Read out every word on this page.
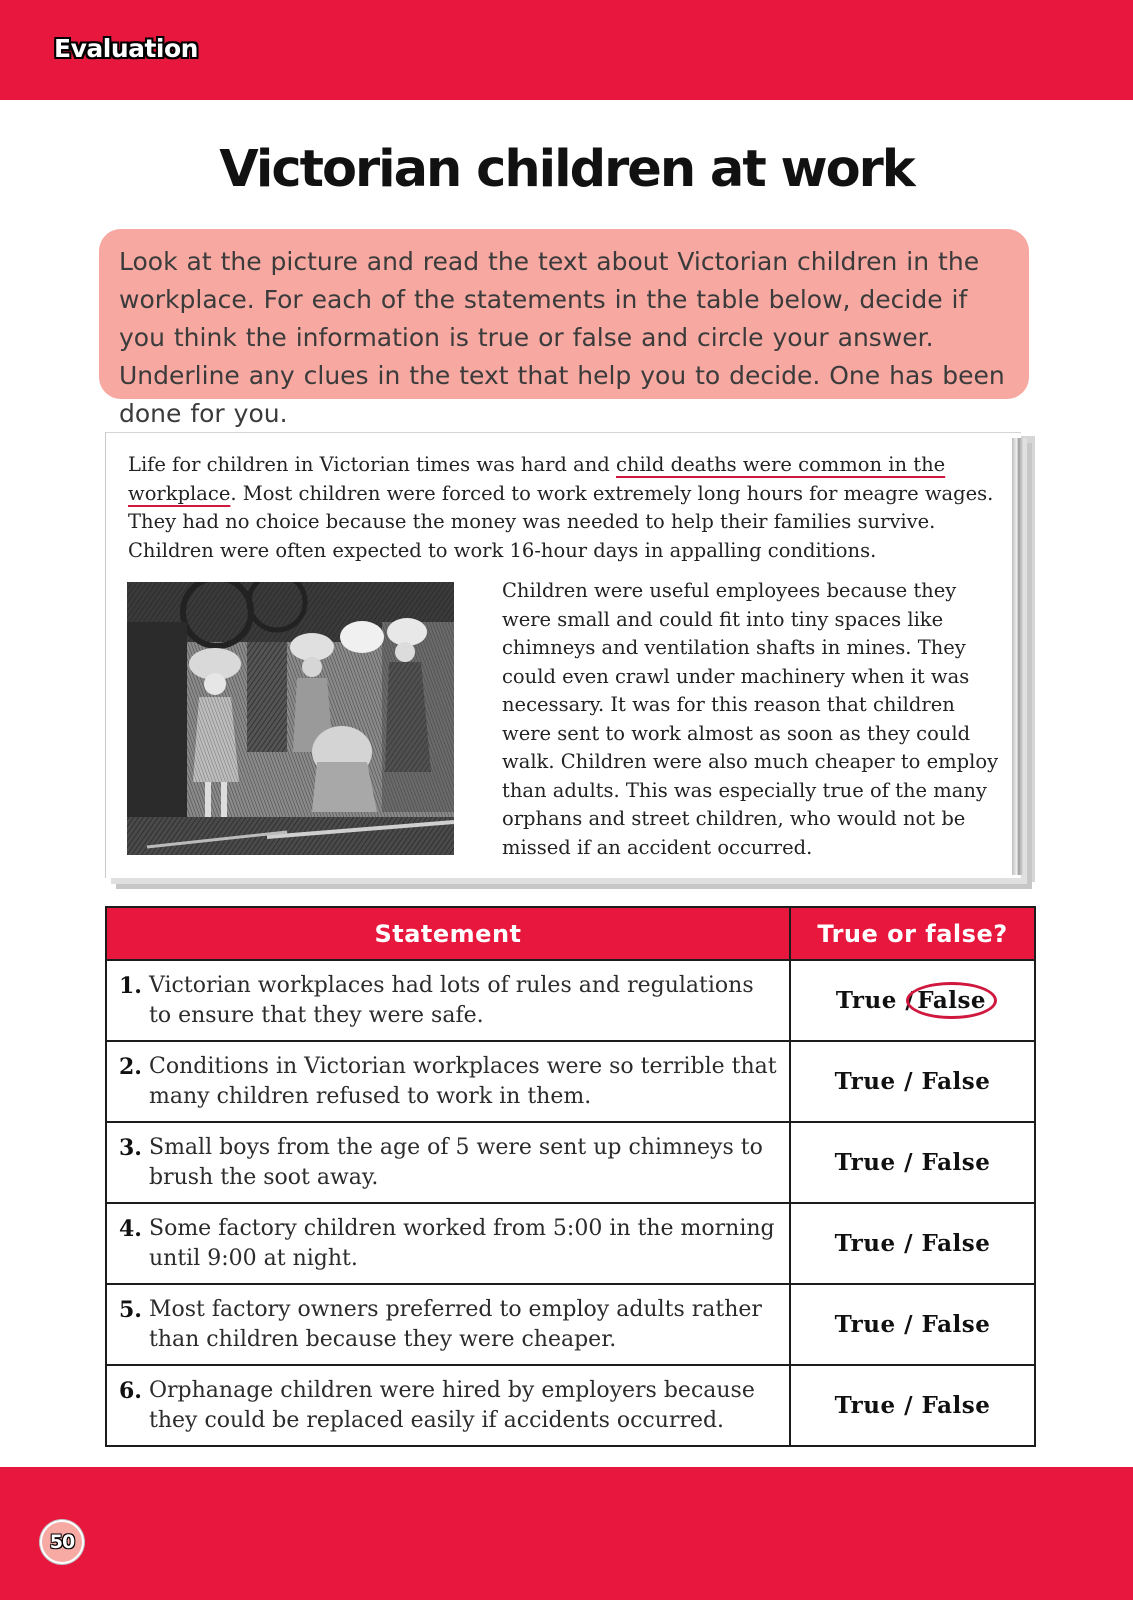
Evaluation
Victorian children at work
Look at the picture and read the text about Victorian children in the workplace. For each of the statements in the table below, decide if you think the information is true or false and circle your answer. Underline any clues in the text that help you to decide. One has been done for you.
Life for children in Victorian times was hard and child deaths were common in the workplace. Most children were forced to work extremely long hours for meagre wages. They had no choice because the money was needed to help their families survive. Children were often expected to work 16-hour days in appalling conditions.
Children were useful employees because they were small and could fit into tiny spaces like chimneys and ventilation shafts in mines. They could even crawl under machinery when it was necessary. It was for this reason that children were sent to work almost as soon as they could walk. Children were also much cheaper to employ than adults. This was especially true of the many orphans and street children, who would not be missed if an accident occurred.
Statement	True or false?

1. Victorian workplaces had lots of rules and regulations to ensure that they were safe.	True / False

2. Conditions in Victorian workplaces were so terrible that many children refused to work in them.	True / False

3. Small boys from the age of 5 were sent up chimneys to brush the soot away.	True / False

4. Some factory children worked from 5:00 in the morning until 9:00 at night.	True / False

5. Most factory owners preferred to employ adults rather than children because they were cheaper.	True / False

6. Orphanage children were hired by employers because they could be replaced easily if accidents occurred.	True / False
50
